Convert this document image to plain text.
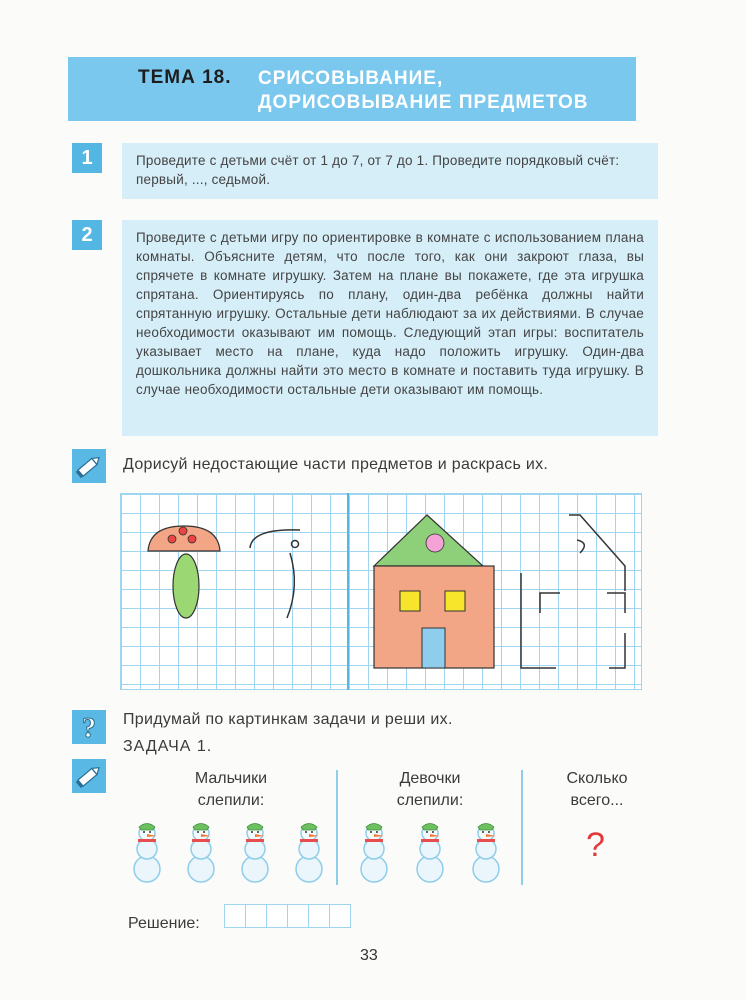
ТЕМА 18. СРИСОВЫВАНИЕ, ДОРИСОВЫВАНИЕ ПРЕДМЕТОВ
1	Проведите с детьми счёт от 1 до 7, от 7 до 1. Проведите порядковый счёт: первый, ..., седьмой.
2	Проведите с детьми игру по ориентировке в комнате с использованием плана комнаты. Объясните детям, что после того, как они закроют глаза, вы спрячете в комнате игрушку. Затем на плане вы покажете, где эта игрушка спрятана. Ориентируясь по плану, один-два ребёнка должны найти спрятанную игрушку. Остальные дети наблюдают за их действиями. В случае необходимости оказывают им помощь. Следующий этап игры: воспитатель указывает место на плане, куда надо положить игрушку. Один-два дошкольника должны найти это место в комнате и поставить туда игрушку. В случае необходимости остальные дети оказывают им помощь.
Дорисуй недостающие части предметов и раскрась их.
? Придумай по картинкам задачи и реши их.
ЗАДАЧА 1.
Мальчики слепили:
Девочки слепили:
Сколько всего...
?
Решение:
33
